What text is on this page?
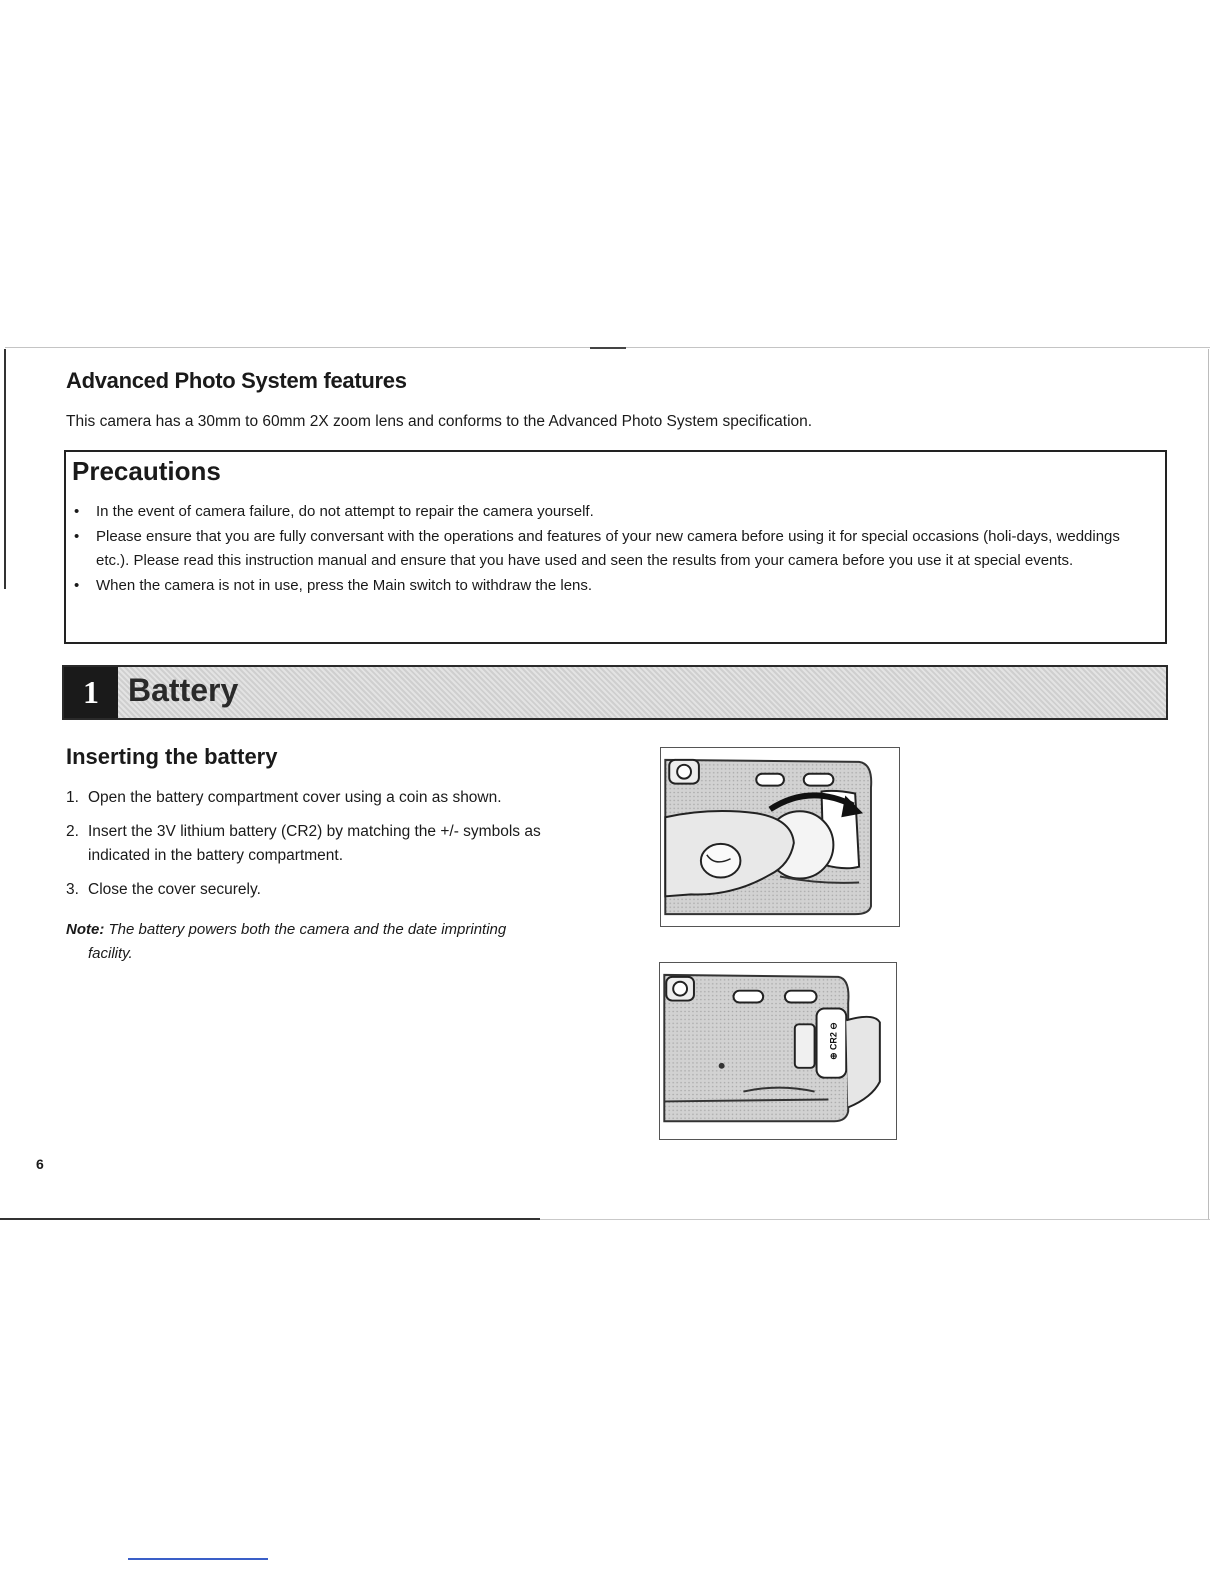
Advanced Photo System features
This camera has a 30mm to 60mm 2X zoom lens and conforms to the Advanced Photo System specification.
Precautions
• In the event of camera failure, do not attempt to repair the camera yourself.
• Please ensure that you are fully conversant with the operations and features of your new camera before using it for special occasions (holi-days, weddings etc.). Please read this instruction manual and ensure that you have used and seen the results from your camera before you use it at special events.
• When the camera is not in use, press the Main switch to withdraw the lens.
1 Battery
Inserting the battery
1. Open the battery compartment cover using a coin as shown.
2. Insert the 3V lithium battery (CR2) by matching the +/- symbols as indicated in the battery compartment.
3. Close the cover securely.
Note: The battery powers both the camera and the date imprinting
facility.
⊕ CR2 ⊖
6
